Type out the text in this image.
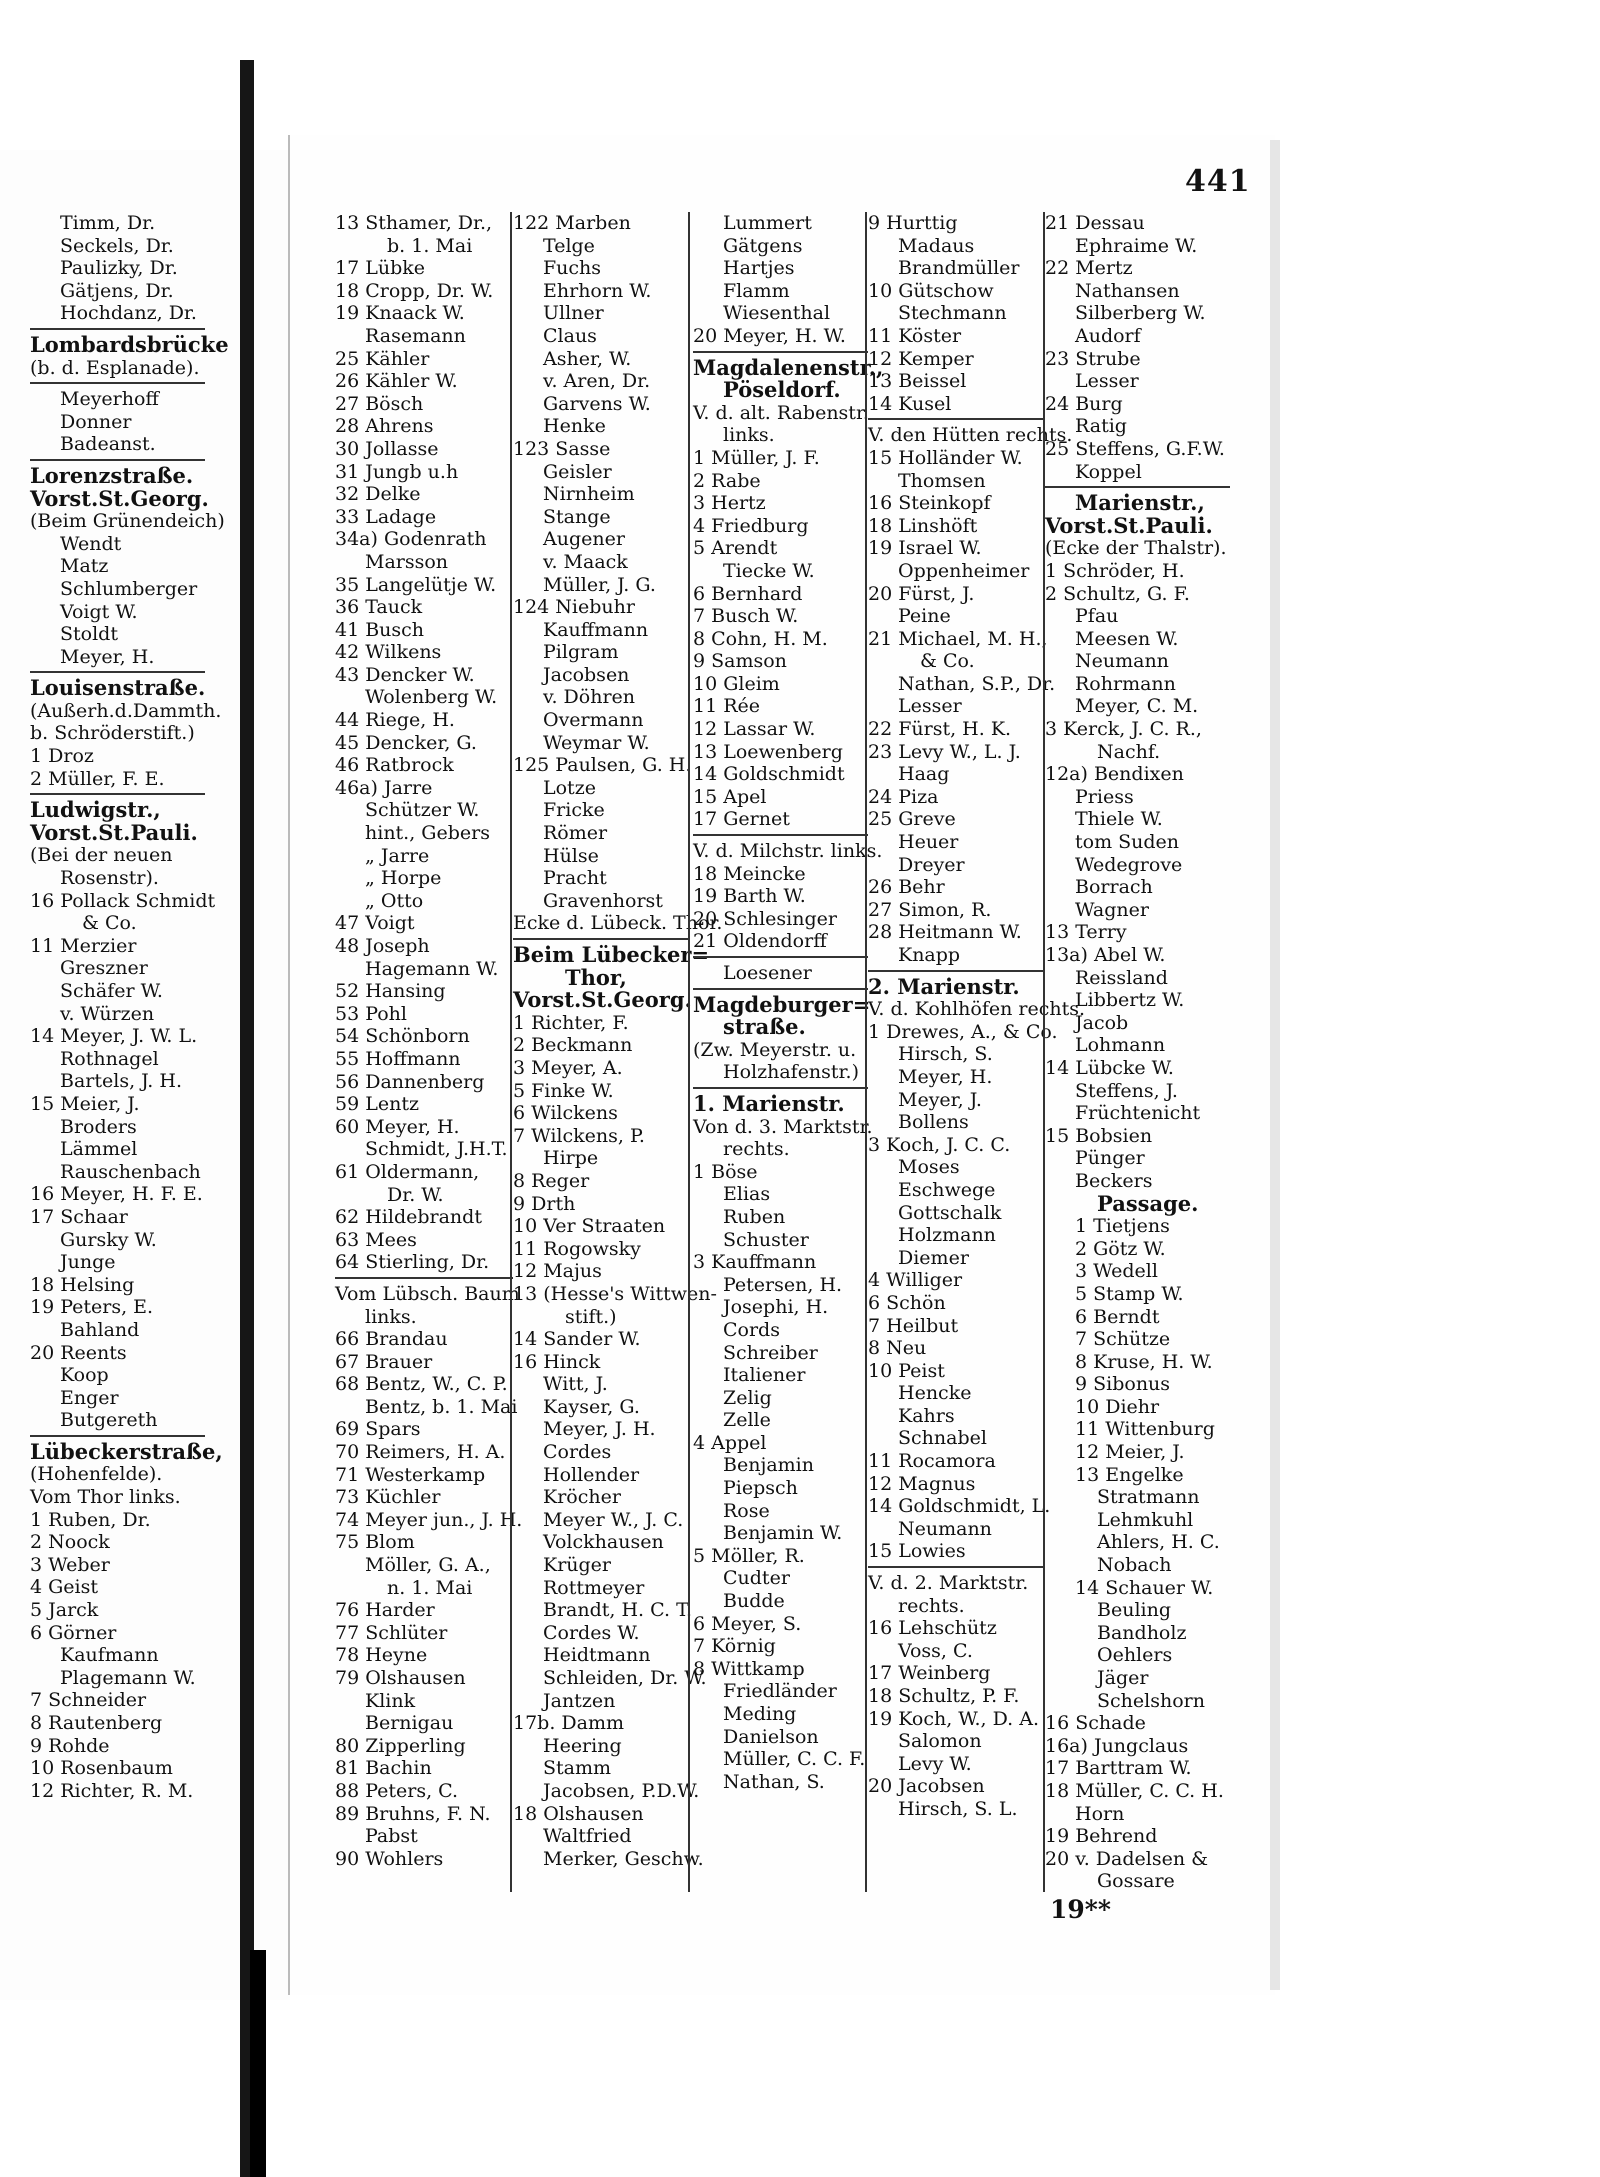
441
Timm, Dr.
Seckels, Dr.
Paulizky, Dr.
Gätjens, Dr.
Hochdanz, Dr.
Lombardsbrücke
(b. d. Esplanade).
Meyerhoff
Donner
Badeanst.
Lorenzstraße.
Vorst.St.Georg.
(Beim Grünendeich)
Wendt
Matz
Schlumberger
Voigt W.
Stoldt
Meyer, H.
Louisenstraße.
(Außerh.d.Dammth.
b. Schröderstift.)
1 Droz
2 Müller, F. E.
Ludwigstr.,
Vorst.St.Pauli.
(Bei der neuen
Rosenstr).
16 Pollack Schmidt
& Co.
11 Merzier
Greszner
Schäfer W.
v. Würzen
14 Meyer, J. W. L.
Rothnagel
Bartels, J. H.
15 Meier, J.
Broders
Lämmel
Rauschenbach
16 Meyer, H. F. E.
17 Schaar
Gursky W.
Junge
18 Helsing
19 Peters, E.
Bahland
20 Reents
Koop
Enger
Butgereth
Lübeckerstraße,
(Hohenfelde).
Vom Thor links.
1 Ruben, Dr.
2 Noock
3 Weber
4 Geist
5 Jarck
6 Görner
Kaufmann
Plagemann W.
7 Schneider
8 Rautenberg
9 Rohde
10 Rosenbaum
12 Richter, R. M.
13 Sthamer, Dr.,
b. 1. Mai
17 Lübke
18 Cropp, Dr. W.
19 Knaack W.
Rasemann
25 Kähler
26 Kähler W.
27 Bösch
28 Ahrens
30 Jollasse
31 Jungb u.h
32 Delke
33 Ladage
34a) Godenrath
Marsson
35 Langelütje W.
36 Tauck
41 Busch
42 Wilkens
43 Dencker W.
Wolenberg W.
44 Riege, H.
45 Dencker, G.
46 Ratbrock
46a) Jarre
Schützer W.
hint., Gebers
„ Jarre
„ Horpe
„ Otto
47 Voigt
48 Joseph
Hagemann W.
52 Hansing
53 Pohl
54 Schönborn
55 Hoffmann
56 Dannenberg
59 Lentz
60 Meyer, H.
Schmidt, J.H.T.
61 Oldermann,
Dr. W.
62 Hildebrandt
63 Mees
64 Stierling, Dr.
Vom Lübsch. Baum
links.
66 Brandau
67 Brauer
68 Bentz, W., C. P.
Bentz, b. 1. Mai
69 Spars
70 Reimers, H. A.
71 Westerkamp
73 Küchler
74 Meyer jun., J. H.
75 Blom
Möller, G. A.,
n. 1. Mai
76 Harder
77 Schlüter
78 Heyne
79 Olshausen
Klink
Bernigau
80 Zipperling
81 Bachin
88 Peters, C.
89 Bruhns, F. N.
Pabst
90 Wohlers
122 Marben
Telge
Fuchs
Ehrhorn W.
Ullner
Claus
Asher, W.
v. Aren, Dr.
Garvens W.
Henke
123 Sasse
Geisler
Nirnheim
Stange
Augener
v. Maack
Müller, J. G.
124 Niebuhr
Kauffmann
Pilgram
Jacobsen
v. Döhren
Overmann
Weymar W.
125 Paulsen, G. H.
Lotze
Fricke
Römer
Hülse
Pracht
Gravenhorst
Ecke d. Lübeck. Thor.
Beim Lübecker=
Thor,
Vorst.St.Georg.
1 Richter, F.
2 Beckmann
3 Meyer, A.
5 Finke W.
6 Wilckens
7 Wilckens, P.
Hirpe
8 Reger
9 Drth
10 Ver Straaten
11 Rogowsky
12 Majus
13 (Hesse's Wittwen-
stift.)
14 Sander W.
16 Hinck
Witt, J.
Kayser, G.
Meyer, J. H.
Cordes
Hollender
Kröcher
Meyer W., J. C.
Volckhausen
Krüger
Rottmeyer
Brandt, H. C. T.
Cordes W.
Heidtmann
Schleiden, Dr. W.
Jantzen
17b. Damm
Heering
Stamm
Jacobsen, P.D.W.
18 Olshausen
Waltfried
Merker, Geschw.
Lummert
Gätgens
Hartjes
Flamm
Wiesenthal
20 Meyer, H. W.
Magdalenenstr.,
Pöseldorf.
V. d. alt. Rabenstr.
links.
1 Müller, J. F.
2 Rabe
3 Hertz
4 Friedburg
5 Arendt
Tiecke W.
6 Bernhard
7 Busch W.
8 Cohn, H. M.
9 Samson
10 Gleim
11 Rée
12 Lassar W.
13 Loewenberg
14 Goldschmidt
15 Apel
17 Gernet
V. d. Milchstr. links.
18 Meincke
19 Barth W.
20 Schlesinger
21 Oldendorff
Loesener
Magdeburger=
straße.
(Zw. Meyerstr. u.
Holzhafenstr.)
1. Marienstr.
Von d. 3. Marktstr.
rechts.
1 Böse
Elias
Ruben
Schuster
3 Kauffmann
Petersen, H.
Josephi, H.
Cords
Schreiber
Italiener
Zelig
Zelle
4 Appel
Benjamin
Piepsch
Rose
Benjamin W.
5 Möller, R.
Cudter
Budde
6 Meyer, S.
7 Körnig
8 Wittkamp
Friedländer
Meding
Danielson
Müller, C. C. F.
Nathan, S.
9 Hurttig
Madaus
Brandmüller
10 Gütschow
Stechmann
11 Köster
12 Kemper
13 Beissel
14 Kusel
V. den Hütten rechts.
15 Holländer W.
Thomsen
16 Steinkopf
18 Linshöft
19 Israel W.
Oppenheimer
20 Fürst, J.
Peine
21 Michael, M. H.,
& Co.
Nathan, S.P., Dr.
Lesser
22 Fürst, H. K.
23 Levy W., L. J.
Haag
24 Piza
25 Greve
Heuer
Dreyer
26 Behr
27 Simon, R.
28 Heitmann W.
Knapp
2. Marienstr.
V. d. Kohlhöfen rechts.
1 Drewes, A., & Co.
Hirsch, S.
Meyer, H.
Meyer, J.
Bollens
3 Koch, J. C. C.
Moses
Eschwege
Gottschalk
Holzmann
Diemer
4 Williger
6 Schön
7 Heilbut
8 Neu
10 Peist
Hencke
Kahrs
Schnabel
11 Rocamora
12 Magnus
14 Goldschmidt, L.
Neumann
15 Lowies
V. d. 2. Marktstr.
rechts.
16 Lehschütz
Voss, C.
17 Weinberg
18 Schultz, P. F.
19 Koch, W., D. A.
Salomon
Levy W.
20 Jacobsen
Hirsch, S. L.
21 Dessau
Ephraime W.
22 Mertz
Nathansen
Silberberg W.
Audorf
23 Strube
Lesser
24 Burg
Ratig
25 Steffens, G.F.W.
Koppel
Marienstr.,
Vorst.St.Pauli.
(Ecke der Thalstr).
1 Schröder, H.
2 Schultz, G. F.
Pfau
Meesen W.
Neumann
Rohrmann
Meyer, C. M.
3 Kerck, J. C. R.,
Nachf.
12a) Bendixen
Priess
Thiele W.
tom Suden
Wedegrove
Borrach
Wagner
13 Terry
13a) Abel W.
Reissland
Libbertz W.
Jacob
Lohmann
14 Lübcke W.
Steffens, J.
Früchtenicht
15 Bobsien
Pünger
Beckers
Passage.
1 Tietjens
2 Götz W.
3 Wedell
5 Stamp W.
6 Berndt
7 Schütze
8 Kruse, H. W.
9 Sibonus
10 Diehr
11 Wittenburg
12 Meier, J.
13 Engelke
Stratmann
Lehmkuhl
Ahlers, H. C.
Nobach
14 Schauer W.
Beuling
Bandholz
Oehlers
Jäger
Schelshorn
16 Schade
16a) Jungclaus
17 Barttram W.
18 Müller, C. C. H.
Horn
19 Behrend
20 v. Dadelsen &
Gossare
19**
